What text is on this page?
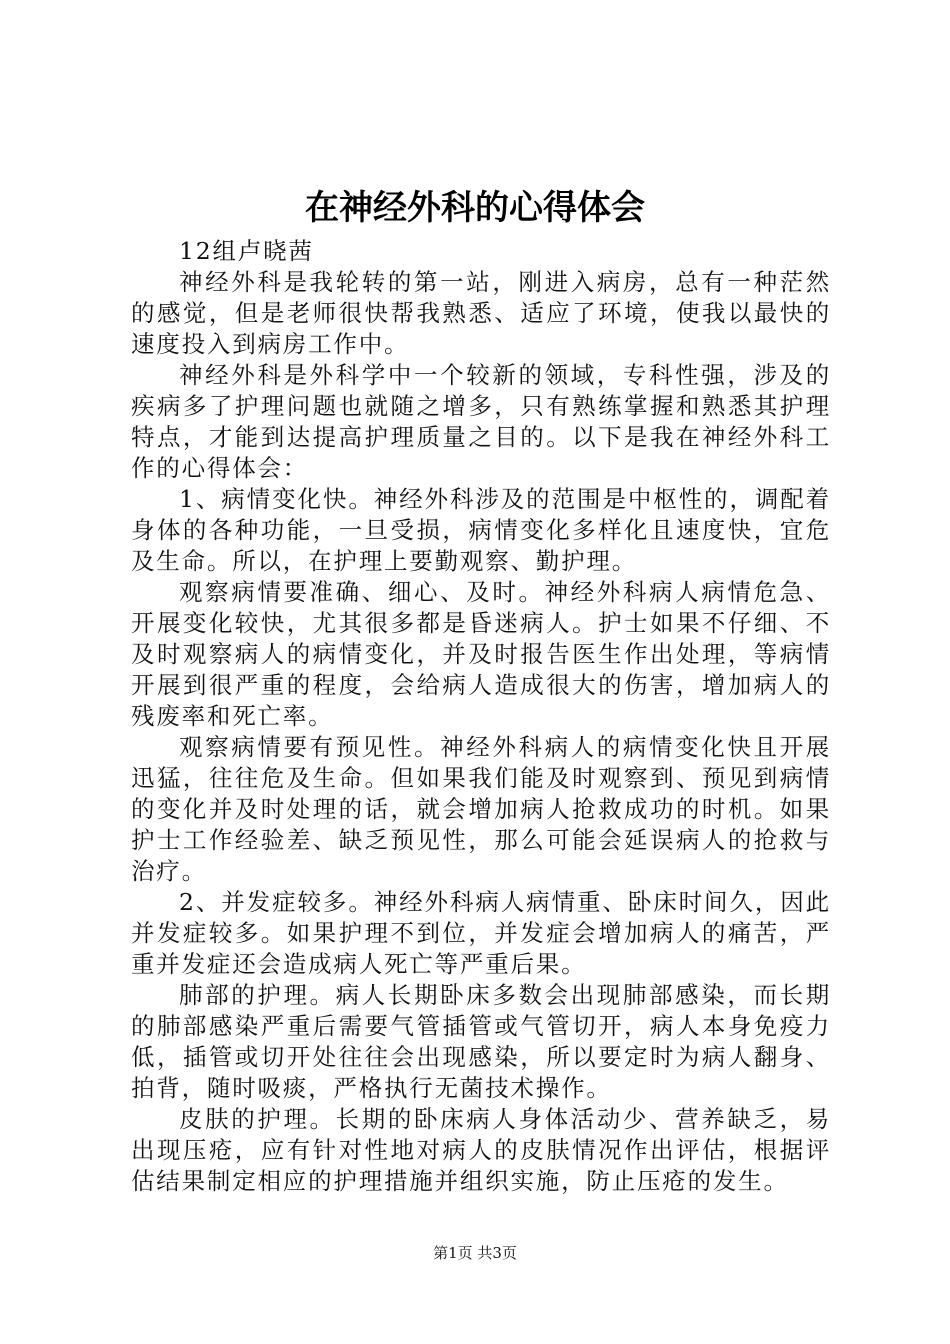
在神经外科的心得体会

12组卢晓茜

神经外科是我轮转的第一站，刚进入病房，总有一种茫然的感觉，但是老师很快帮我熟悉、适应了环境，使我以最快的速度投入到病房工作中。

神经外科是外科学中一个较新的领域，专科性强，涉及的疾病多了护理问题也就随之增多，只有熟练掌握和熟悉其护理特点，才能到达提高护理质量之目的。以下是我在神经外科工作的心得体会：

1、病情变化快。神经外科涉及的范围是中枢性的，调配着身体的各种功能，一旦受损，病情变化多样化且速度快，宜危及生命。所以，在护理上要勤观察、勤护理。

观察病情要准确、细心、及时。神经外科病人病情危急、开展变化较快，尤其很多都是昏迷病人。护士如果不仔细、不及时观察病人的病情变化，并及时报告医生作出处理，等病情开展到很严重的程度，会给病人造成很大的伤害，增加病人的残废率和死亡率。

观察病情要有预见性。神经外科病人的病情变化快且开展迅猛，往往危及生命。但如果我们能及时观察到、预见到病情的变化并及时处理的话，就会增加病人抢救成功的时机。如果护士工作经验差、缺乏预见性，那么可能会延误病人的抢救与治疗。

2、并发症较多。神经外科病人病情重、卧床时间久，因此并发症较多。如果护理不到位，并发症会增加病人的痛苦，严重并发症还会造成病人死亡等严重后果。

肺部的护理。病人长期卧床多数会出现肺部感染，而长期的肺部感染严重后需要气管插管或气管切开，病人本身免疫力低，插管或切开处往往会出现感染，所以要定时为病人翻身、拍背，随时吸痰，严格执行无菌技术操作。

皮肤的护理。长期的卧床病人身体活动少、营养缺乏，易出现压疮，应有针对性地对病人的皮肤情况作出评估，根据评估结果制定相应的护理措施并组织实施，防止压疮的发生。

第1页 共3页
